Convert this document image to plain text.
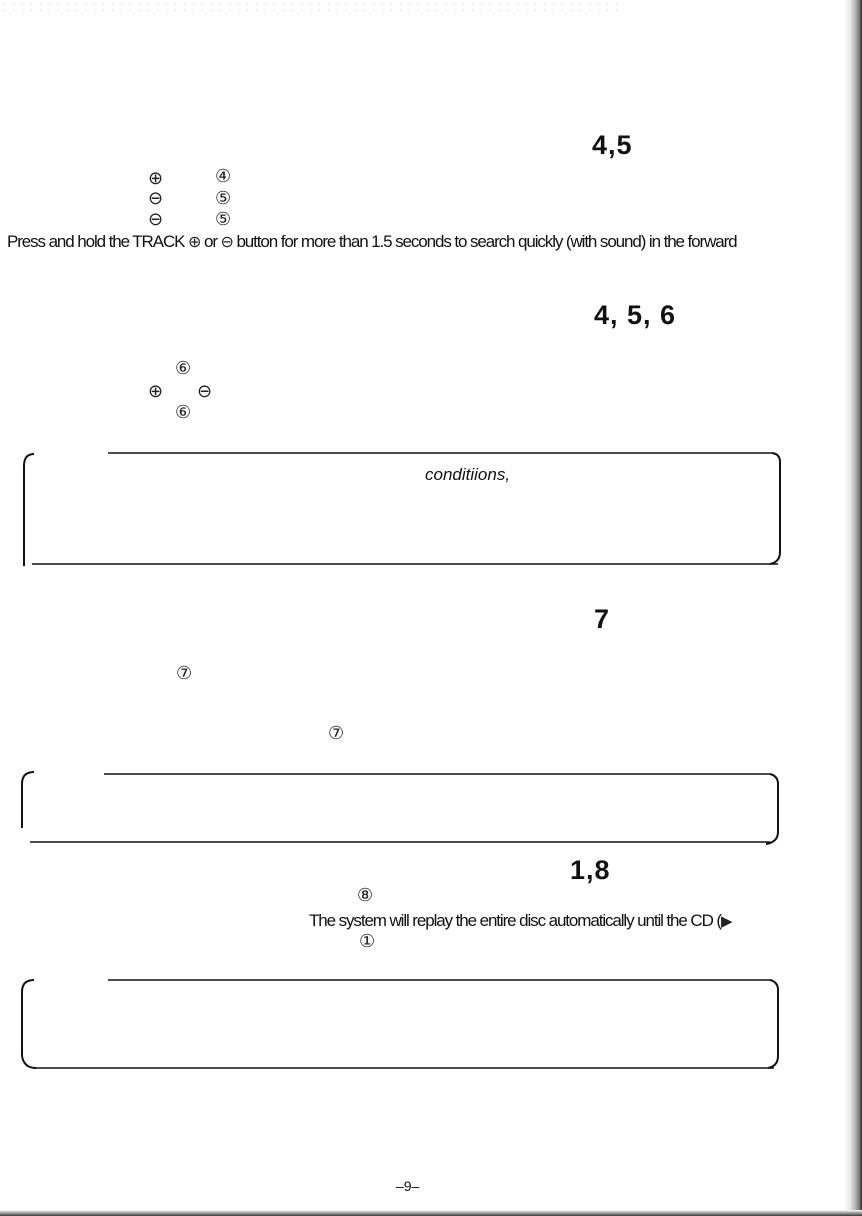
4,5
⊕	④
⊖	⑤
⊖	⑤
Press and hold the TRACK ⊕ or ⊖ button for more than 1.5 seconds to search quickly (with sound) in the forward
4, 5, 6
⑥
⊕ ⊖
⑥
conditiions,
7
⑦
⑦
1,8
⑧
The system will replay the entire disc automatically until the CD (▶
①
–9–
